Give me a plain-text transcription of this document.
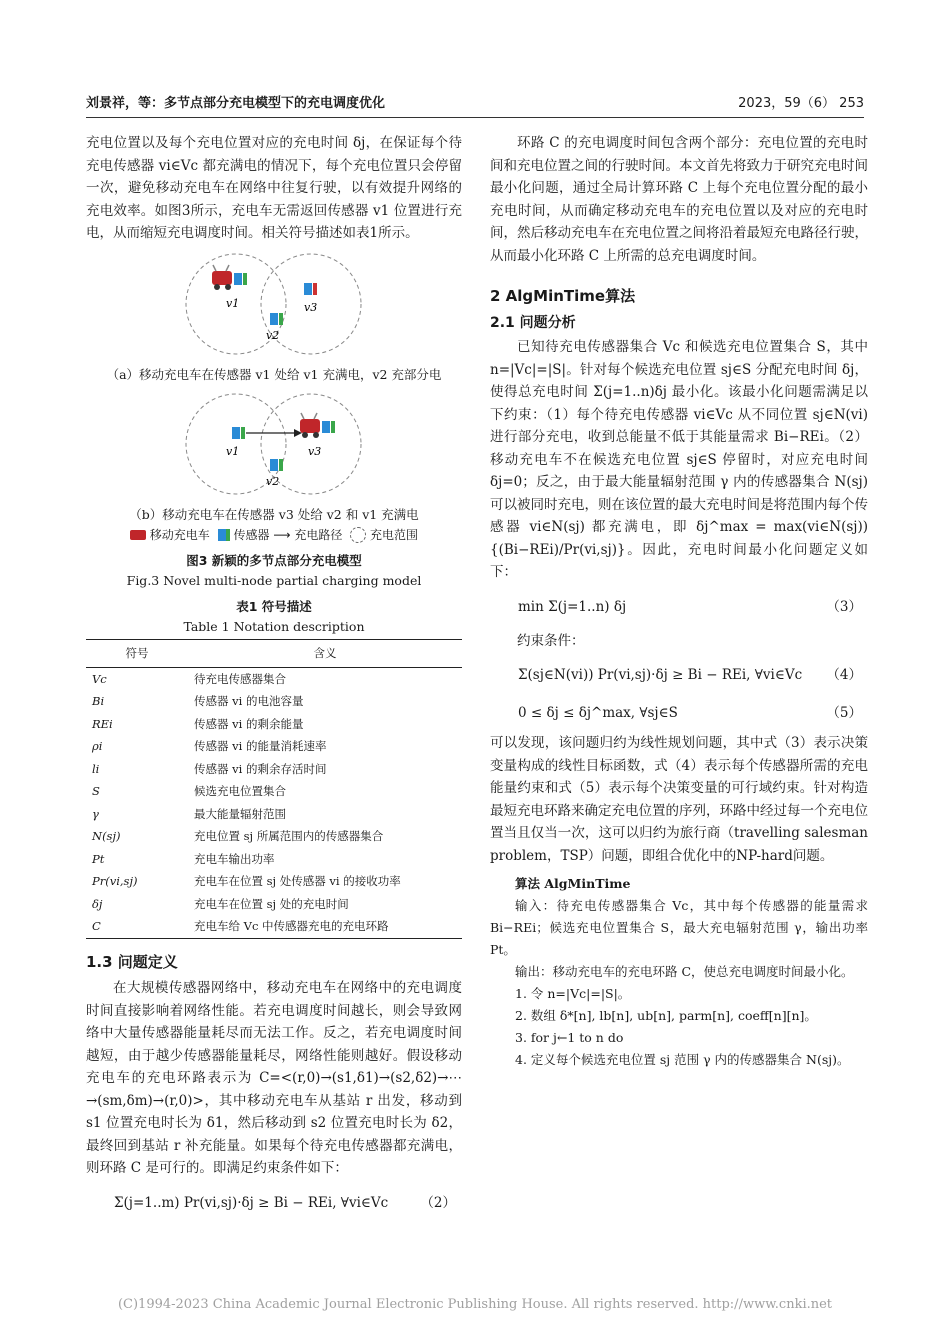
刘景祥，等：多节点部分充电模型下的充电调度优化	2023，59（6） 253

充电位置以及每个充电位置对应的充电时间 δj，在保证每个待充电传感器 vi∈Vc 都充满电的情况下，每个充电位置只会停留一次，避免移动充电车在网络中往复行驶，以有效提升网络的充电效率。如图3所示，充电车无需返回传感器 v1 位置进行充电，从而缩短充电调度时间。相关符号描述如表1所示。

v1	v3
v2

（a）移动充电车在传感器 v1 处给 v1 充满电，v2 充部分电

v1	v3
v2

（b）移动充电车在传感器 v3 处给 v2 和 v1 充满电

移动充电车 传感器 ⟶ 充电路径 充电范围

图3 新颖的多节点部分充电模型

Fig.3 Novel multi-node partial charging model

表1 符号描述

Table 1 Notation description

符号	含义
Vc	待充电传感器集合
Bi	传感器 vi 的电池容量
REi	传感器 vi 的剩余能量
ρi	传感器 vi 的能量消耗速率
li	传感器 vi 的剩余存活时间
S	候选充电位置集合
γ	最大能量辐射范围
N(sj)	充电位置 sj 所属范围内的传感器集合
Pt	充电车输出功率
Pr(vi,sj)	充电车在位置 sj 处传感器 vi 的接收功率
δj	充电车在位置 sj 处的充电时间
C	充电车给 Vc 中传感器充电的充电环路

1.3 问题定义

在大规模传感器网络中，移动充电车在网络中的充电调度时间直接影响着网络性能。若充电调度时间越长，则会导致网络中大量传感器能量耗尽而无法工作。反之，若充电调度时间越短，由于越少传感器能量耗尽，网络性能则越好。假设移动充电车的充电环路表示为 C=<(r,0)→(s1,δ1)→(s2,δ2)→⋯→(sm,δm)→(r,0)>，其中移动充电车从基站 r 出发，移动到 s1 位置充电时长为 δ1，然后移动到 s2 位置充电时长为 δ2，最终回到基站 r 补充能量。如果每个待充电传感器都充满电，则环路 C 是可行的。即满足约束条件如下：

Σ(j=1..m) Pr(vi,sj)·δj ≥ Bi − REi, ∀vi∈Vc （2）

环路 C 的充电调度时间包含两个部分：充电位置的充电时间和充电位置之间的行驶时间。本文首先将致力于研究充电时间最小化问题，通过全局计算环路 C 上每个充电位置分配的最小充电时间，从而确定移动充电车的充电位置以及对应的充电时间，然后移动充电车在充电位置之间将沿着最短充电路径行驶，从而最小化环路 C 上所需的总充电调度时间。

2 AlgMinTime算法

2.1 问题分析

已知待充电传感器集合 Vc 和候选充电位置集合 S，其中 n=|Vc|=|S|。针对每个候选充电位置 sj∈S 分配充电时间 δj，使得总充电时间 Σ(j=1..n)δj 最小化。该最小化问题需满足以下约束：（1）每个待充电传感器 vi∈Vc 从不同位置 sj∈N(vi) 进行部分充电，收到总能量不低于其能量需求 Bi−REi。（2）移动充电车不在候选充电位置 sj∈S 停留时，对应充电时间 δj=0；反之，由于最大能量辐射范围 γ 内的传感器集合 N(sj) 可以被同时充电，则在该位置的最大充电时间是将范围内每个传感器 vi∈N(sj) 都充满电，即 δj^max = max(vi∈N(sj)) {(Bi−REi)/Pr(vi,sj)}。因此，充电时间最小化问题定义如下：

min Σ(j=1..n) δj	（3）

约束条件：

Σ(sj∈N(vi)) Pr(vi,sj)·δj ≥ Bi − REi, ∀vi∈Vc （4）
0 ≤ δj ≤ δj^max, ∀sj∈S	（5）

可以发现，该问题归约为线性规划问题，其中式（3）表示决策变量构成的线性目标函数，式（4）表示每个传感器所需的充电能量约束和式（5）表示每个决策变量的可行域约束。针对构造最短充电环路来确定充电位置的序列，环路中经过每一个充电位置当且仅当一次，这可以归约为旅行商（travelling salesman problem，TSP）问题，即组合优化中的NP-hard问题。

算法 AlgMinTime

输入：待充电传感器集合 Vc，其中每个传感器的能量需求 Bi−REi；候选充电位置集合 S，最大充电辐射范围 γ，输出功率 Pt。

输出：移动充电车的充电环路 C，使总充电调度时间最小化。

1. 令 n=|Vc|=|S|。

2. 数组 δ*[n], lb[n], ub[n], parm[n], coeff[n][n]。

3. for j←1 to n do

4. 定义每个候选充电位置 sj 范围 γ 内的传感器集合 N(sj)。

(C)1994-2023 China Academic Journal Electronic Publishing House. All rights reserved. http://www.cnki.net
